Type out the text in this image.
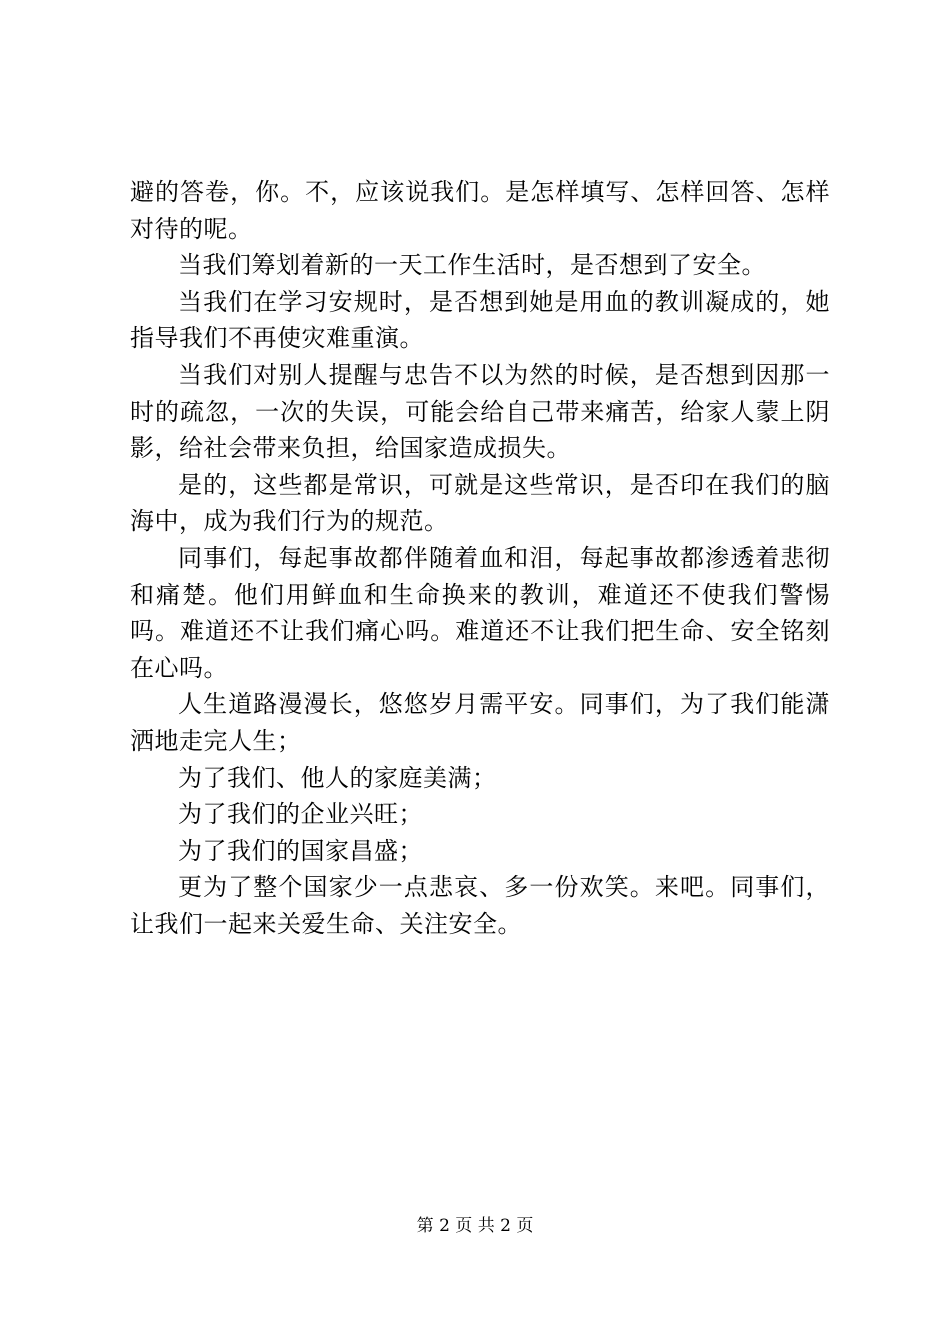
避的答卷，你。不，应该说我们。是怎样填写、怎样回答、怎样对待的呢。

当我们筹划着新的一天工作生活时，是否想到了安全。

当我们在学习安规时，是否想到她是用血的教训凝成的，她指导我们不再使灾难重演。

当我们对别人提醒与忠告不以为然的时候，是否想到因那一时的疏忽，一次的失误，可能会给自己带来痛苦，给家人蒙上阴影，给社会带来负担，给国家造成损失。

是的，这些都是常识，可就是这些常识，是否印在我们的脑海中，成为我们行为的规范。

同事们，每起事故都伴随着血和泪，每起事故都渗透着悲彻和痛楚。他们用鲜血和生命换来的教训，难道还不使我们警惕吗。难道还不让我们痛心吗。难道还不让我们把生命、安全铭刻在心吗。

人生道路漫漫长，悠悠岁月需平安。同事们，为了我们能潇洒地走完人生；

为了我们、他人的家庭美满；

为了我们的企业兴旺；

为了我们的国家昌盛；

更为了整个国家少一点悲哀、多一份欢笑。来吧。同事们，让我们一起来关爱生命、关注安全。

第 2 页 共 2 页
